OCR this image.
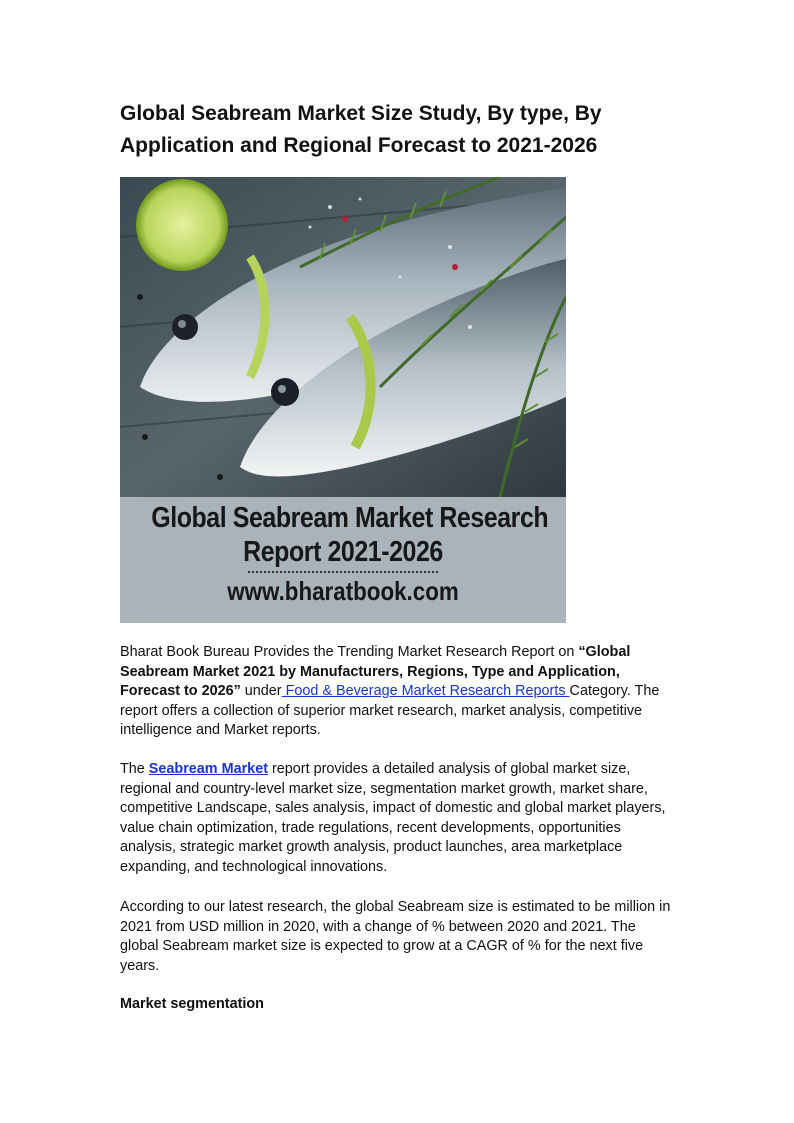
Global Seabream Market Size Study, By type, By Application and Regional Forecast to 2021-2026
Global Seabream Market Research
Report 2021-2026
www.bharatbook.com

Bharat Book Bureau Provides the Trending Market Research Report on “Global Seabream Market 2021 by Manufacturers, Regions, Type and Application, Forecast to 2026” under Food & Beverage Market Research Reports Category. The report offers a collection of superior market research, market analysis, competitive intelligence and Market reports.

The Seabream Market report provides a detailed analysis of global market size, regional and country-level market size, segmentation market growth, market share, competitive Landscape, sales analysis, impact of domestic and global market players, value chain optimization, trade regulations, recent developments, opportunities analysis, strategic market growth analysis, product launches, area marketplace expanding, and technological innovations.

According to our latest research, the global Seabream size is estimated to be million in 2021 from USD million in 2020, with a change of % between 2020 and 2021. The global Seabream market size is expected to grow at a CAGR of % for the next five years.

Market segmentation
